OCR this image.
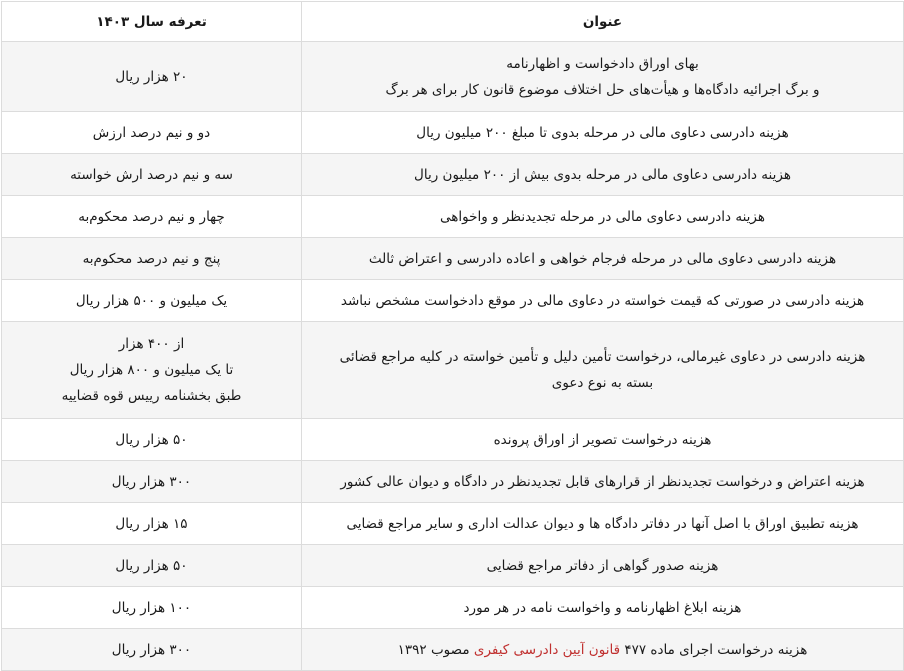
عنوان	تعرفه سال ۱۴۰۳

بهای اوراق دادخواست و اظهارنامه
و برگ اجرائیه دادگاه‌ها و هیأت‌های حل اختلاف موضوع قانون کار برای هر برگ	۲۰ هزار ریال
هزینه دادرسی دعاوی مالی در مرحله بدوی تا مبلغ ۲۰۰ میلیون ریال	دو و نیم درصد ارزش
هزینه دادرسی دعاوی مالی در مرحله بدوی بیش از ۲۰۰ میلیون ریال	سه و نیم درصد ارش خواسته
هزینه دادرسی دعاوی مالی در مرحله تجدیدنظر و واخواهی	چهار و نیم درصد محکوم‌به
هزینه دادرسی دعاوی مالی در مرحله فرجام خواهی و اعاده دادرسی و اعتراض ثالث	پنج و نیم درصد محکوم‌به
هزینه دادرسی در صورتی که قیمت خواسته در دعاوی مالی در موقع دادخواست مشخص نباشد	یک میلیون و ۵۰۰ هزار ریال

هزینه دادرسی در دعاوی غیرمالی، درخواست تأمین دلیل و تأمین خواسته در کلیه مراجع قضائی
بسته به نوع دعوی	از ۴۰۰ هزار
تا یک میلیون و ۸۰۰ هزار ریال
طبق بخشنامه رییس قوه قضاییه

هزینه درخواست تصویر از اوراق پرونده	۵۰ هزار ریال
هزینه اعتراض و درخواست تجدیدنظر از قرارهای قابل تجدیدنظر در دادگاه و دیوان عالی کشور	۳۰۰ هزار ریال
هزینه تطبیق اوراق با اصل آنها در دفاتر دادگاه ها و دیوان عدالت اداری و سایر مراجع قضایی	۱۵ هزار ریال
هزینه صدور گواهی از دفاتر مراجع قضایی	۵۰ هزار ریال
هزینه ابلاغ اظهارنامه و واخواست نامه در هر مورد	۱۰۰ هزار ریال
هزینه درخواست اجرای ماده ۴۷۷ قانون آیین دادرسی کیفری مصوب ۱۳۹۲	۳۰۰ هزار ریال
